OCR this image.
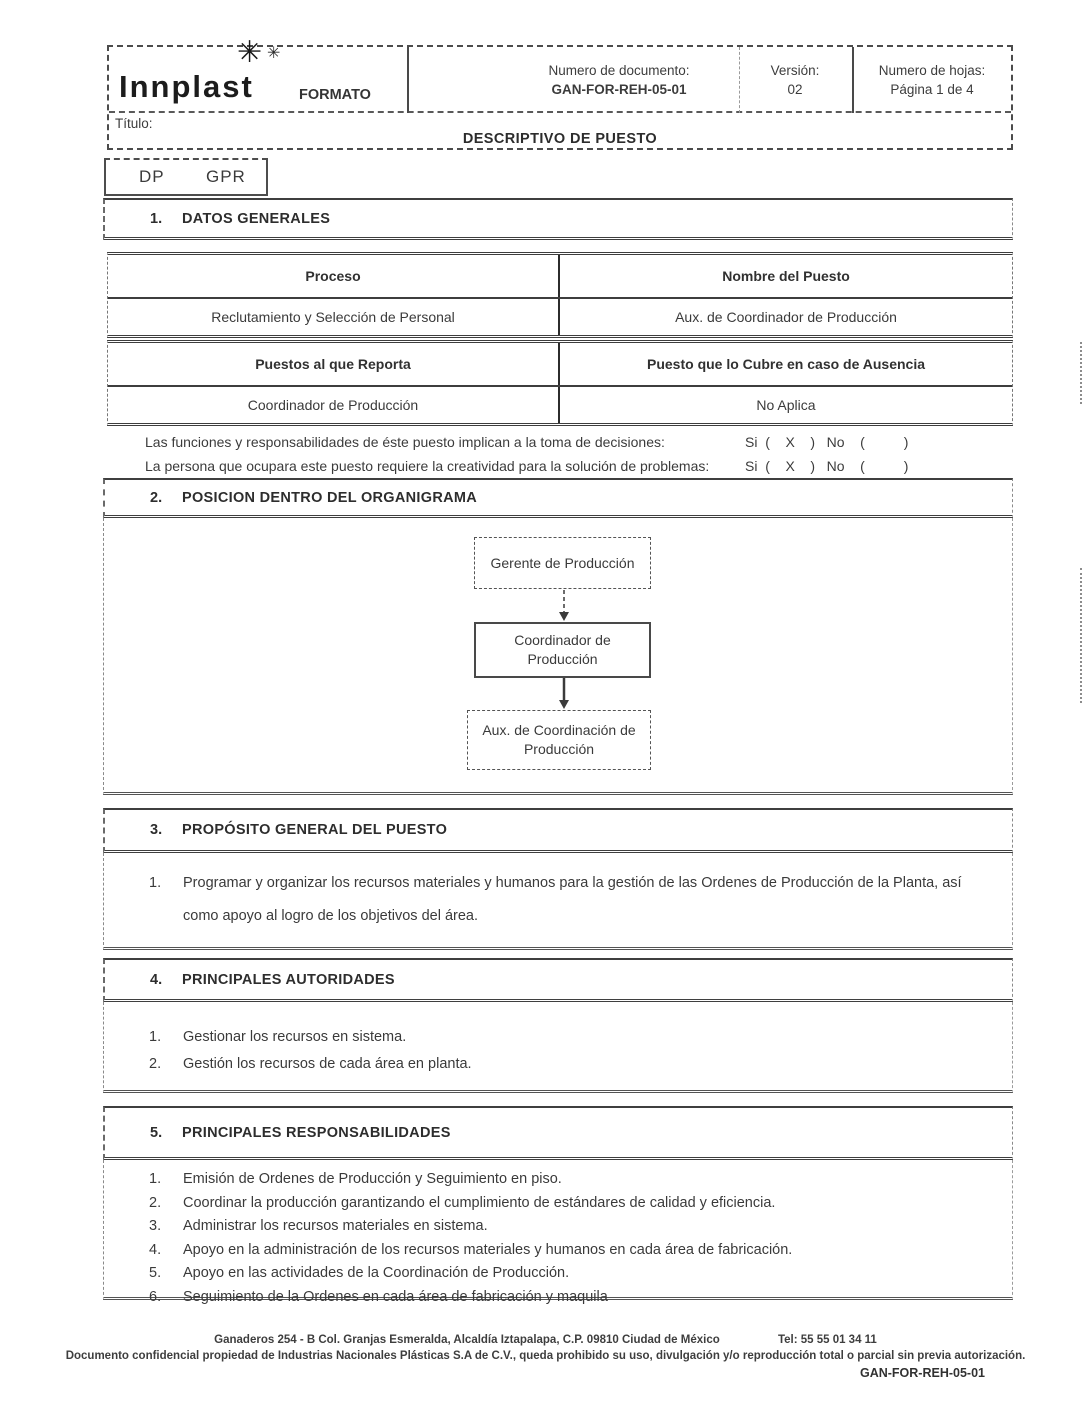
✳ ✳
Innplast	FORMATO
Numero de documento:
GAN-FOR-REH-05-01
Versión:
02
Numero de hojas:
Página 1 de 4
Título:
DESCRIPTIVO DE PUESTO
DP GPR
1.	DATOS GENERALES
Proceso	Nombre del Puesto
Reclutamiento y Selección de Personal	Aux. de Coordinador de Producción
Puestos al que Reporta	Puesto que lo Cubre en caso de Ausencia
Coordinador de Producción	No Aplica
Las funciones y responsabilidades de éste puesto implican a la toma de decisiones:	Si  (    X    )   No    (          )
La persona que ocupara este puesto requiere la creatividad para la solución de problemas:	Si  (    X    )   No    (          )
2.	POSICION DENTRO DEL ORGANIGRAMA
Gerente de Producción
Coordinador de Producción
Aux. de Coordinación de Producción
3.	PROPÓSITO GENERAL DEL PUESTO
1.	Programar y organizar los recursos materiales y humanos para la gestión de las Ordenes de Producción de la Planta, así como apoyo al logro de los objetivos del área.
4.	PRINCIPALES AUTORIDADES
1.	Gestionar los recursos en sistema.
2.	Gestión los recursos de cada área en planta.
5.	PRINCIPALES RESPONSABILIDADES
1.	Emisión de Ordenes de Producción y Seguimiento en piso.
2.	Coordinar la producción garantizando el cumplimiento de estándares de calidad y eficiencia.
3.	Administrar los recursos materiales en sistema.
4.	Apoyo en la administración de los recursos materiales y humanos en cada área de fabricación.
5.	Apoyo en las actividades de la Coordinación de Producción.
6.	Seguimiento de la Ordenes en cada área de fabricación y maquila
Ganaderos 254 - B Col. Granjas Esmeralda, Alcaldía Iztapalapa, C.P. 09810 Ciudad de México	Tel: 55 55 01 34 11
Documento confidencial propiedad de Industrias Nacionales Plásticas S.A de C.V., queda prohibido su uso, divulgación y/o reproducción total o parcial sin previa autorización.
GAN-FOR-REH-05-01
